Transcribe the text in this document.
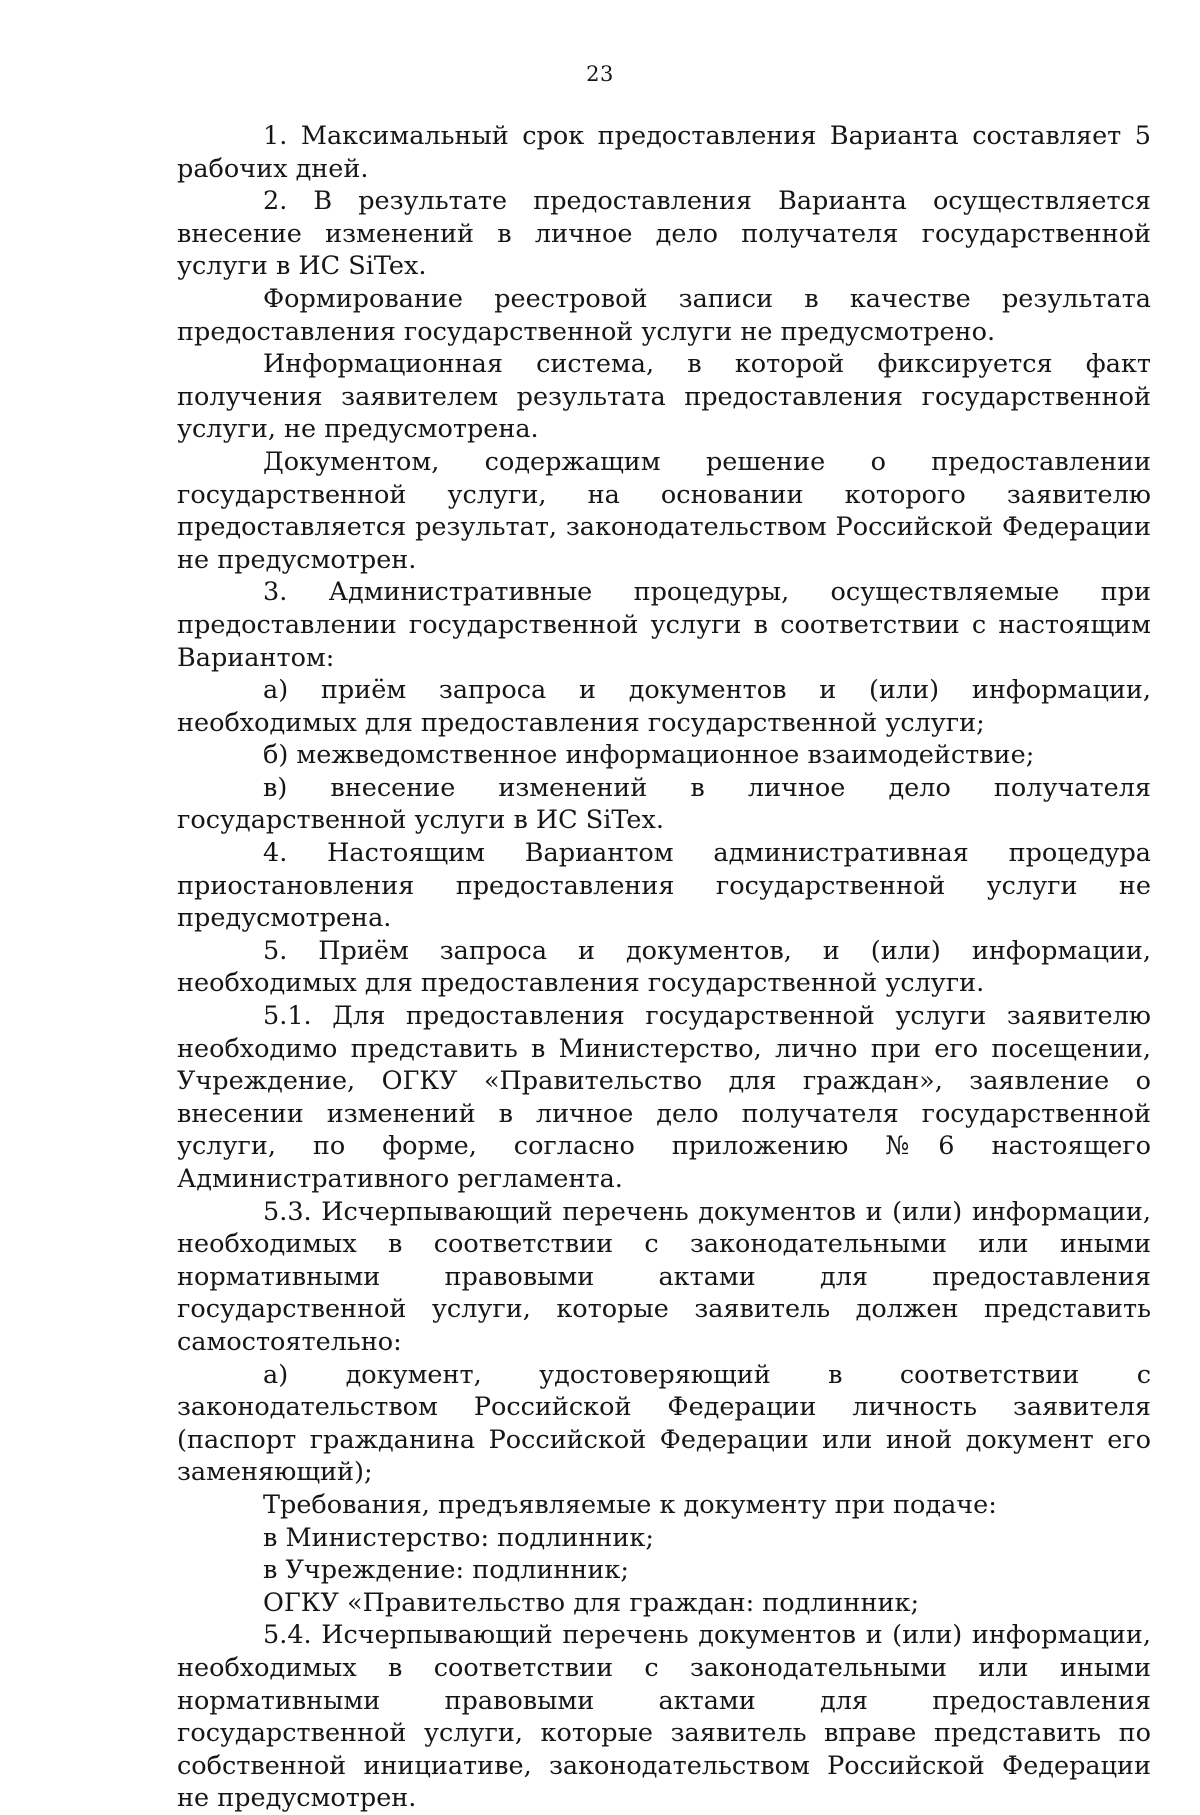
23

1. Максимальный срок предоставления Варианта составляет 5 рабочих дней.

2. В результате предоставления Варианта осуществляется внесение изменений в личное дело получателя государственной услуги в ИС SiTex.

Формирование реестровой записи в качестве результата предоставления государственной услуги не предусмотрено.

Информационная система, в которой фиксируется факт получения заявителем результата предоставления государственной услуги, не предусмотрена.

Документом, содержащим решение о предоставлении государственной услуги, на основании которого заявителю предоставляется результат, законодательством Российской Федерации не предусмотрен.

3. Административные процедуры, осуществляемые при предоставлении государственной услуги в соответствии с настоящим Вариантом:

а) приём запроса и документов и (или) информации, необходимых для предоставления государственной услуги;

б) межведомственное информационное взаимодействие;

в) внесение изменений в личное дело получателя государственной услуги в ИС SiTex.

4. Настоящим Вариантом административная процедура приостановления предоставления государственной услуги не предусмотрена.

5. Приём запроса и документов, и (или) информации, необходимых для предоставления государственной услуги.

5.1. Для предоставления государственной услуги заявителю необходимо представить в Министерство, лично при его посещении, Учреждение, ОГКУ «Правительство для граждан», заявление о внесении изменений в личное дело получателя государственной услуги, по форме, согласно приложению №6 настоящего Административного регламента.

5.3. Исчерпывающий перечень документов и (или) информации, необходимых в соответствии с законодательными или иными нормативными правовыми актами для предоставления государственной услуги, которые заявитель должен представить самостоятельно:

а) документ, удостоверяющий в соответствии с законодательством Российской Федерации личность заявителя (паспорт гражданина Российской Федерации или иной документ его заменяющий);

Требования, предъявляемые к документу при подаче:

в Министерство: подлинник;

в Учреждение: подлинник;

ОГКУ «Правительство для граждан: подлинник;

5.4. Исчерпывающий перечень документов и (или) информации, необходимых в соответствии с законодательными или иными нормативными правовыми актами для предоставления государственной услуги, которые заявитель вправе представить по собственной инициативе, законодательством Российской Федерации не предусмотрен.
